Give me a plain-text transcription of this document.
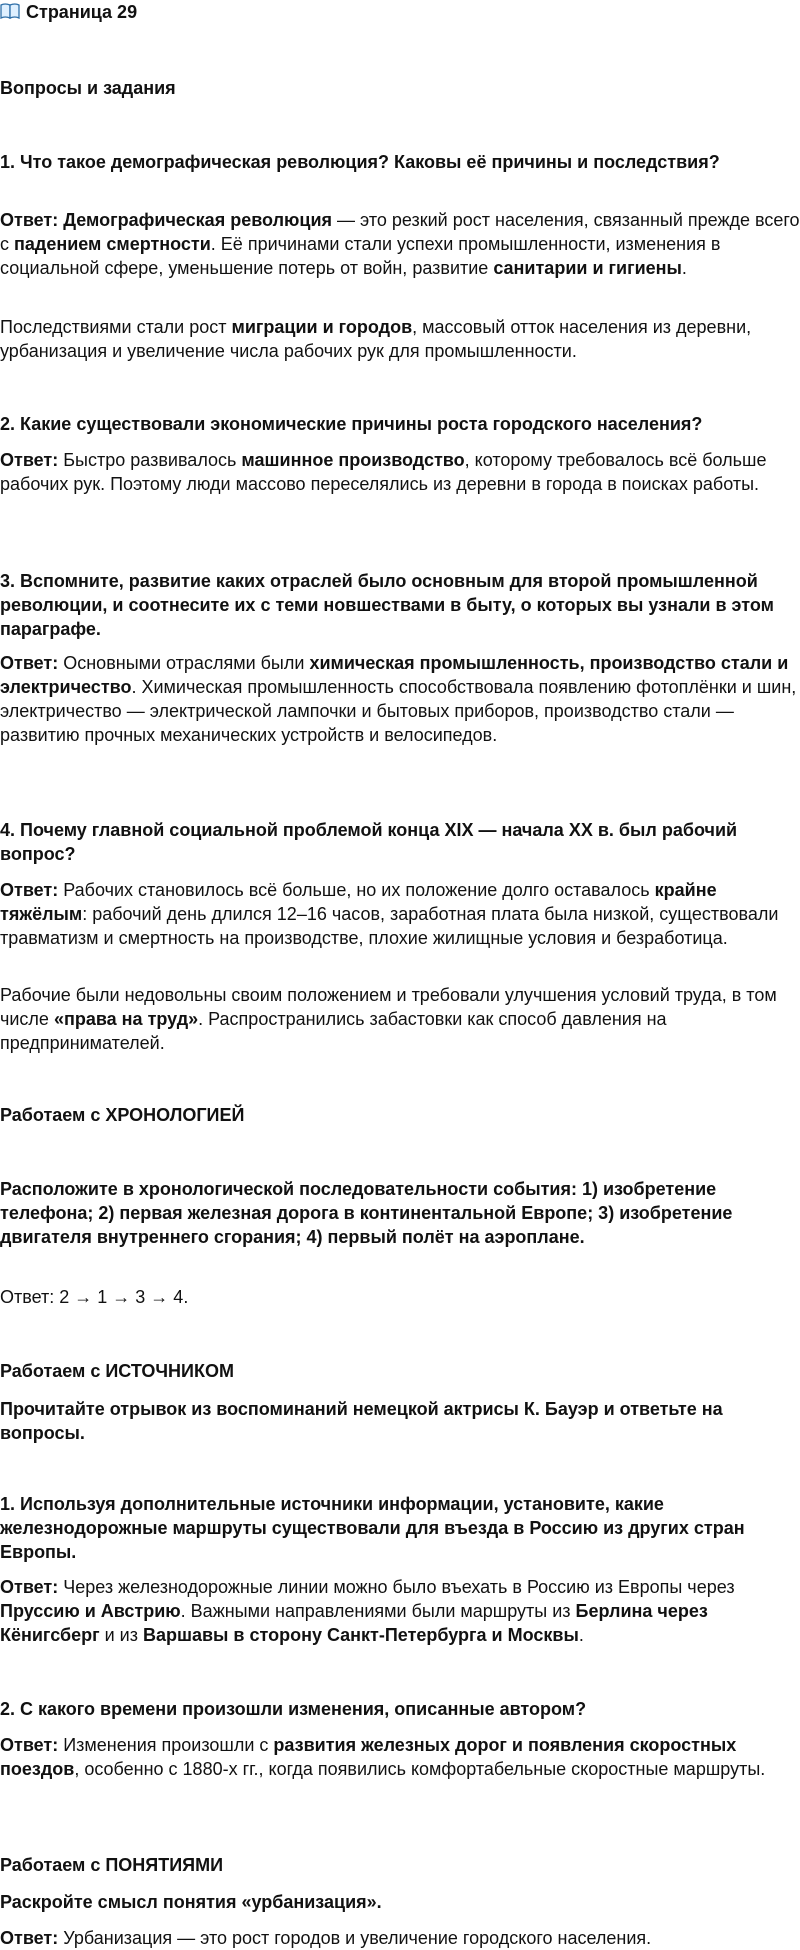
Страница 29

Вопросы и задания

1. Что такое демографическая революция? Каковы её причины и последствия?

Ответ: Демографическая революция — это резкий рост населения, связанный прежде всего с падением смертности. Её причинами стали успехи промышленности, изменения в социальной сфере, уменьшение потерь от войн, развитие санитарии и гигиены.

Последствиями стали рост миграции и городов, массовый отток населения из деревни, урбанизация и увеличение числа рабочих рук для промышленности.

2. Какие существовали экономические причины роста городского населения?

Ответ: Быстро развивалось машинное производство, которому требовалось всё больше рабочих рук. Поэтому люди массово переселялись из деревни в города в поисках работы.

3. Вспомните, развитие каких отраслей было основным для второй промышленной революции, и соотнесите их с теми новшествами в быту, о которых вы узнали в этом параграфе.

Ответ: Основными отраслями были химическая промышленность, производство стали и электричество. Химическая промышленность способствовала появлению фотоплёнки и шин, электричество — электрической лампочки и бытовых приборов, производство стали — развитию прочных механических устройств и велосипедов.

4. Почему главной социальной проблемой конца XIX — начала XX в. был рабочий вопрос?

Ответ: Рабочих становилось всё больше, но их положение долго оставалось крайне тяжёлым: рабочий день длился 12–16 часов, заработная плата была низкой, существовали травматизм и смертность на производстве, плохие жилищные условия и безработица.

Рабочие были недовольны своим положением и требовали улучшения условий труда, в том числе «права на труд». Распространились забастовки как способ давления на предпринимателей.

Работаем с ХРОНОЛОГИЕЙ

Расположите в хронологической последовательности события: 1) изобретение телефона; 2) первая железная дорога в континентальной Европе; 3) изобретение двигателя внутреннего сгорания; 4) первый полёт на аэроплане.

Ответ: 2 → 1 → 3 → 4.

Работаем с ИСТОЧНИКОМ

Прочитайте отрывок из воспоминаний немецкой актрисы К. Бауэр и ответьте на вопросы.

1. Используя дополнительные источники информации, установите, какие железнодорожные маршруты существовали для въезда в Россию из других стран Европы.

Ответ: Через железнодорожные линии можно было въехать в Россию из Европы через Пруссию и Австрию. Важными направлениями были маршруты из Берлина через Кёнигсберг и из Варшавы в сторону Санкт-Петербурга и Москвы.

2. С какого времени произошли изменения, описанные автором?

Ответ: Изменения произошли с развития железных дорог и появления скоростных поездов, особенно с 1880-х гг., когда появились комфортабельные скоростные маршруты.

Работаем с ПОНЯТИЯМИ

Раскройте смысл понятия «урбанизация».

Ответ: Урбанизация — это рост городов и увеличение городского населения.
